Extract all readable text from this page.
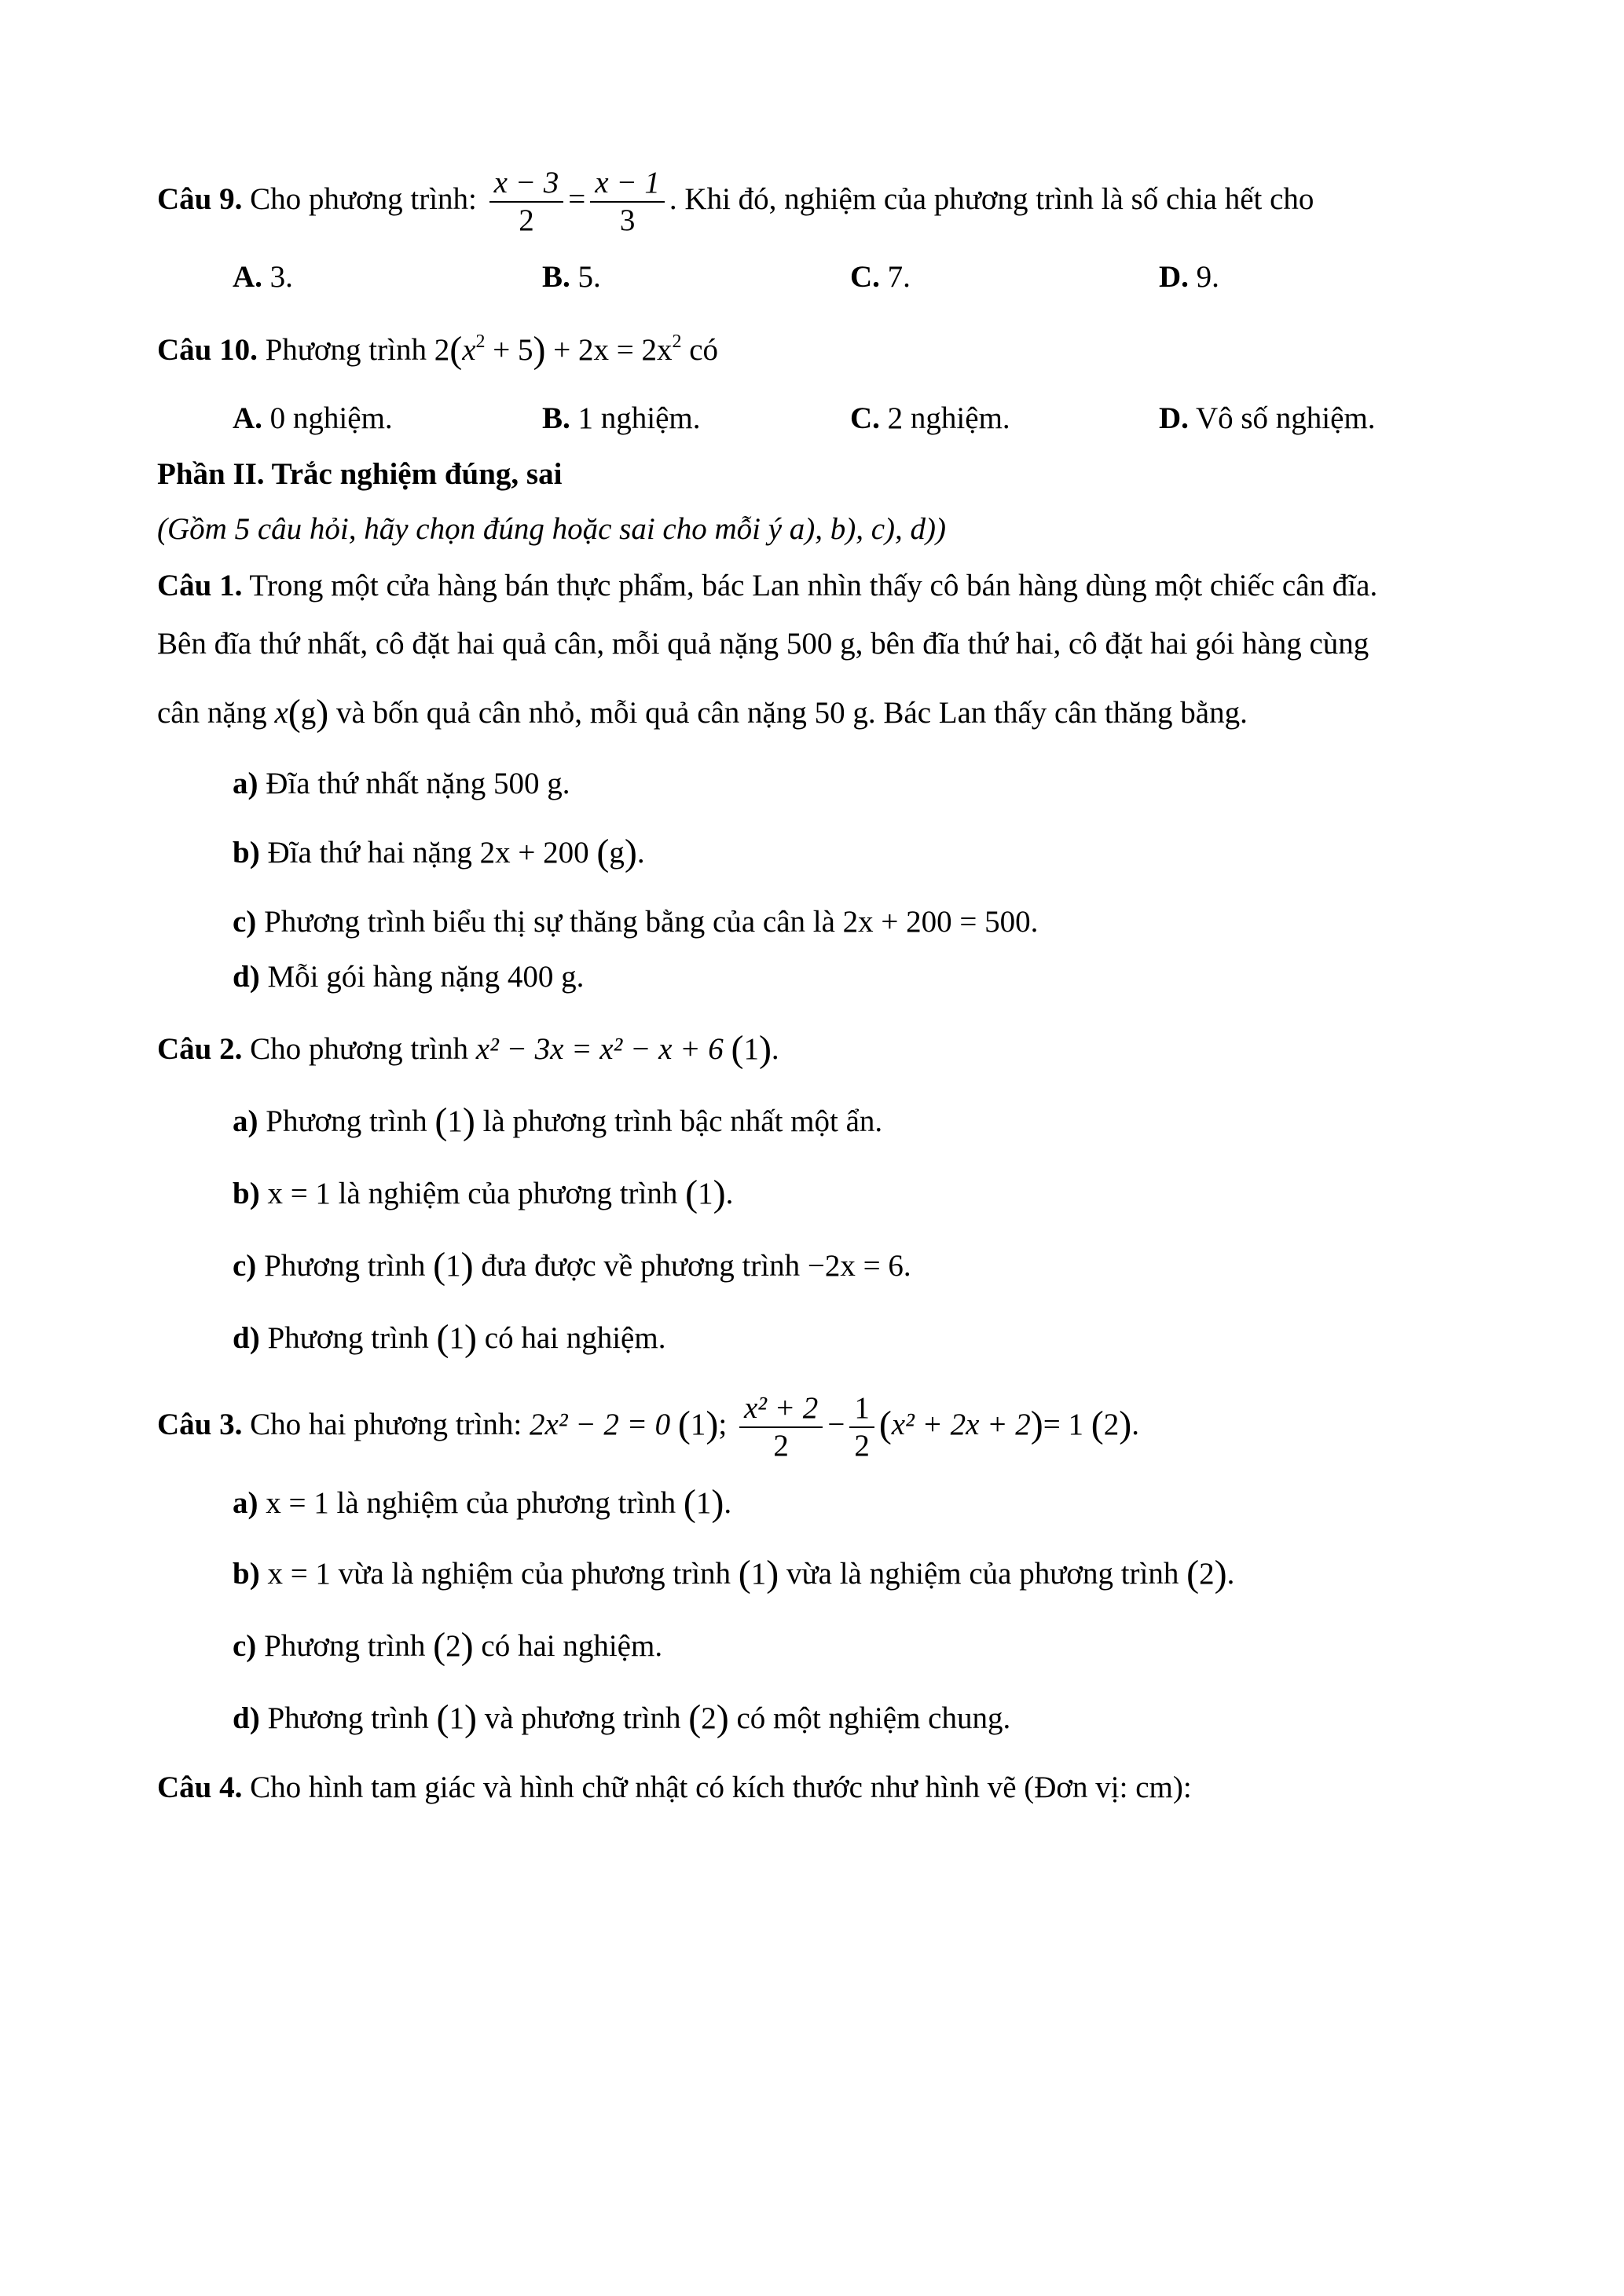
Câu 9. Cho phương trình: $\frac{x - 3}{2} = \frac{x - 1}{3}$ . Khi đó, nghiệm của phương trình là số chia hết cho
A. 3.	B. 5.	C. 7.	D. 9.
Câu 10. Phương trình $2(x^2 + 5) + 2x = 2x^2$ có
A. 0 nghiệm.	B. 1 nghiệm.	C. 2 nghiệm.	D. Vô số nghiệm.
Phần II. Trắc nghiệm đúng, sai
(Gồm 5 câu hỏi, hãy chọn đúng hoặc sai cho mỗi ý a), b), c), d))
Câu 1. Trong một cửa hàng bán thực phẩm, bác Lan nhìn thấy cô bán hàng dùng một chiếc cân đĩa.
Bên đĩa thứ nhất, cô đặt hai quả cân, mỗi quả nặng 500 g, bên đĩa thứ hai, cô đặt hai gói hàng cùng
cân nặng x(g) và bốn quả cân nhỏ, mỗi quả cân nặng 50 g. Bác Lan thấy cân thăng bằng.
a) Đĩa thứ nhất nặng 500 g.
b) Đĩa thứ hai nặng 2x + 200 (g).
c) Phương trình biểu thị sự thăng bằng của cân là 2x + 200 = 500.
d) Mỗi gói hàng nặng 400 g.
Câu 2. Cho phương trình x² − 3x = x² − x + 6 (1).
a) Phương trình (1) là phương trình bậc nhất một ẩn.
b) x = 1 là nghiệm của phương trình (1).
c) Phương trình (1) đưa được về phương trình −2x = 6.
d) Phương trình (1) có hai nghiệm.
Câu 3. Cho hai phương trình: 2x² − 2 = 0 (1); $\frac{\text{x² + 2}}{2} - \frac{1}{2} (x^2 + 2x + 2)= 1$ (2).
a) x = 1 là nghiệm của phương trình (1).
b) x = 1 vừa là nghiệm của phương trình (1) vừa là nghiệm của phương trình (2).
c) Phương trình (2) có hai nghiệm.
d) Phương trình (1) và phương trình (2) có một nghiệm chung.
Câu 4. Cho hình tam giác và hình chữ nhật có kích thước như hình vẽ (Đơn vị: cm):
